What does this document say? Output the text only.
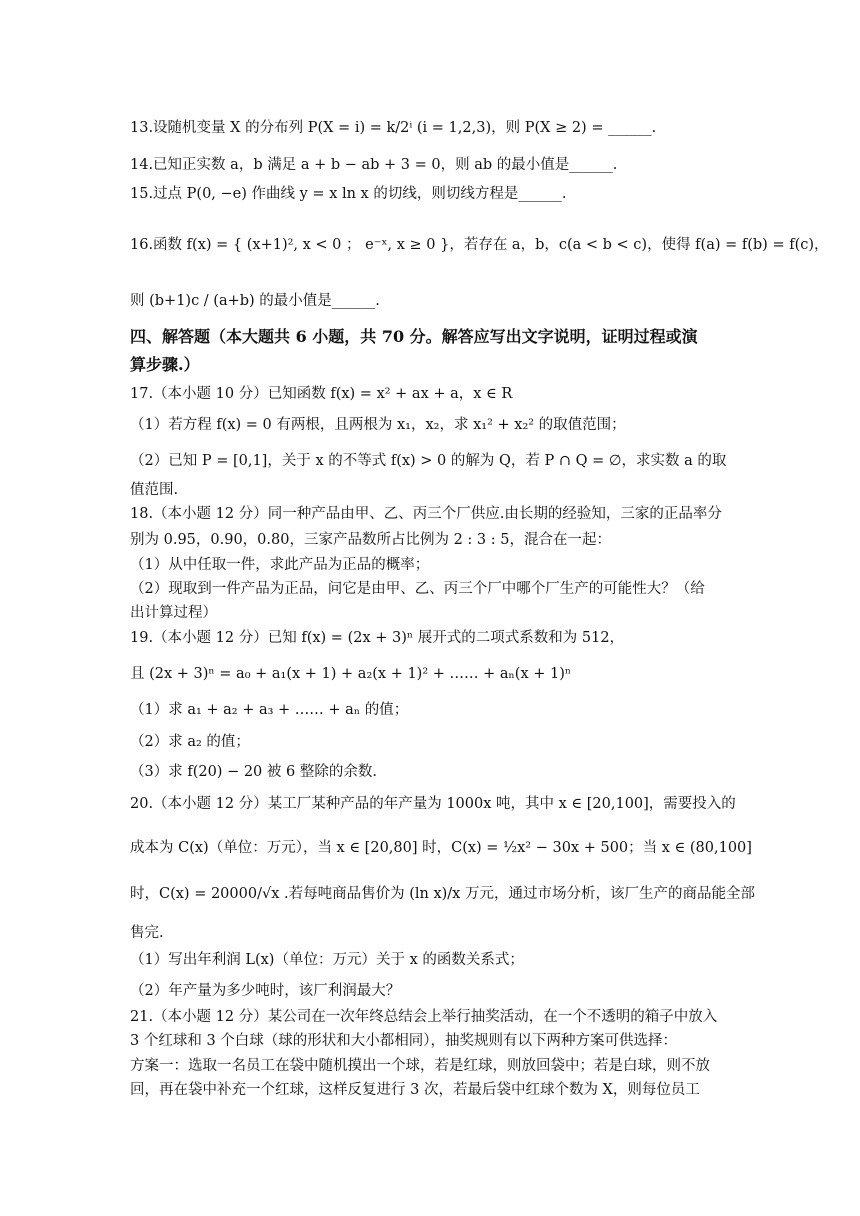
13.设随机变量 X 的分布列 P(X = i) = k/2ⁱ (i = 1,2,3)，则 P(X ≥ 2) = ______.
14.已知正实数 a，b 满足 a + b − ab + 3 = 0，则 ab 的最小值是______.
15.过点 P(0, −e) 作曲线 y = x ln x 的切线，则切线方程是______.
16.函数 f(x) = { (x+1)², x < 0 ； e⁻ˣ, x ≥ 0 }，若存在 a，b，c(a < b < c)，使得 f(a) = f(b) = f(c)，
则 (b+1)c / (a+b) 的最小值是______.
四、解答题（本大题共 6 小题，共 70 分。解答应写出文字说明，证明过程或演
算步骤.）
17.（本小题 10 分）已知函数 f(x) = x² + ax + a，x ∈ R
（1）若方程 f(x) = 0 有两根，且两根为 x₁，x₂，求 x₁² + x₂² 的取值范围；
（2）已知 P = [0,1]，关于 x 的不等式 f(x) > 0 的解为 Q，若 P ∩ Q = ∅，求实数 a 的取
值范围.
18.（本小题 12 分）同一种产品由甲、乙、丙三个厂供应.由长期的经验知，三家的正品率分
别为 0.95，0.90，0.80，三家产品数所占比例为 2 : 3 : 5，混合在一起：
（1）从中任取一件，求此产品为正品的概率；
（2）现取到一件产品为正品，问它是由甲、乙、丙三个厂中哪个厂生产的可能性大？（给
出计算过程）
19.（本小题 12 分）已知 f(x) = (2x + 3)ⁿ 展开式的二项式系数和为 512，
且 (2x + 3)ⁿ = a₀ + a₁(x + 1) + a₂(x + 1)² + …… + aₙ(x + 1)ⁿ
（1）求 a₁ + a₂ + a₃ + …… + aₙ 的值；
（2）求 a₂ 的值；
（3）求 f(20) − 20 被 6 整除的余数.
20.（本小题 12 分）某工厂某种产品的年产量为 1000x 吨，其中 x ∈ [20,100]，需要投入的
成本为 C(x)（单位：万元），当 x ∈ [20,80] 时，C(x) = ½x² − 30x + 500；当 x ∈ (80,100]
时，C(x) = 20000/√x .若每吨商品售价为 (ln x)/x 万元，通过市场分析，该厂生产的商品能全部
售完.
（1）写出年利润 L(x)（单位：万元）关于 x 的函数关系式；
（2）年产量为多少吨时，该厂利润最大？
21.（本小题 12 分）某公司在一次年终总结会上举行抽奖活动，在一个不透明的箱子中放入
3 个红球和 3 个白球（球的形状和大小都相同），抽奖规则有以下两种方案可供选择：
方案一：选取一名员工在袋中随机摸出一个球，若是红球，则放回袋中；若是白球，则不放
回，再在袋中补充一个红球，这样反复进行 3 次，若最后袋中红球个数为 X，则每位员工
